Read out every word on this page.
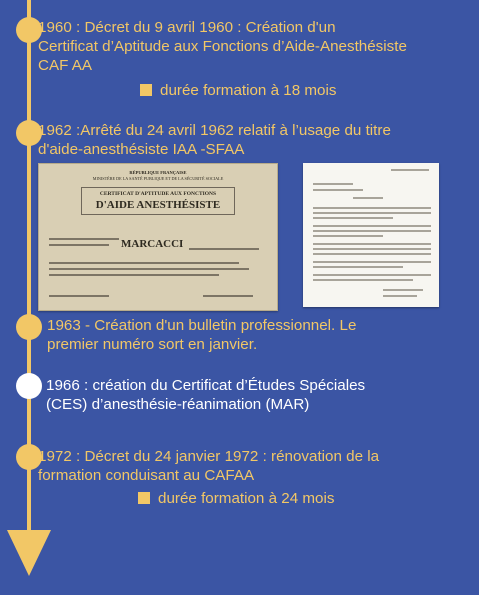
1960 : Décret du 9 avril 1960 : Création d'un
Certificat d’Aptitude aux Fonctions d’Aide-Anesthésiste
CAF AA
durée formation à 18 mois
1962 :Arrêté du 24 avril 1962 relatif à l’usage du titre
d'aide-anesthésiste IAA -SFAA
RÉPUBLIQUE FRANÇAISE
MINISTÈRE DE LA SANTÉ PUBLIQUE ET DE LA SÉCURITÉ SOCIALE
CERTIFICAT D'APTITUDE AUX FONCTIONS
D'AIDE ANESTHÉSISTE
MARCACCI

1963 - Création d'un bulletin professionnel. Le
premier numéro sort en janvier.
1966 : création du Certificat d’Études Spéciales
(CES) d’anesthésie-réanimation (MAR)
1972 : Décret du 24 janvier 1972 : rénovation de la
formation conduisant au CAFAA
durée formation à 24 mois
